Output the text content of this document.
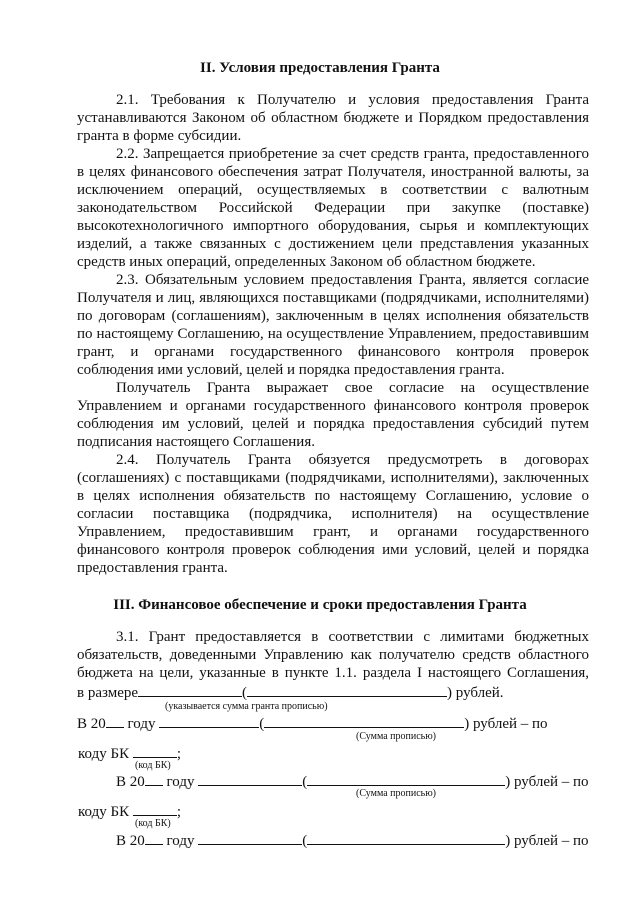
II. Условия предоставления Гранта
2.1. Требования к Получателю и условия предоставления Гранта
устанавливаются Законом об областном бюджете и Порядком предоставления
гранта в форме субсидии.
2.2. Запрещается приобретение за счет средств гранта, предоставленного
в целях финансового обеспечения затрат Получателя, иностранной валюты, за
исключением операций, осуществляемых в соответствии с валютным
законодательством Российской Федерации при закупке (поставке)
высокотехнологичного импортного оборудования, сырья и комплектующих
изделий, а также связанных с достижением цели представления указанных
средств иных операций, определенных Законом об областном бюджете.
2.3. Обязательным условием предоставления Гранта, является согласие
Получателя и лиц, являющихся поставщиками (подрядчиками, исполнителями)
по договорам (соглашениям), заключенным в целях исполнения обязательств
по настоящему Соглашению, на осуществление Управлением, предоставившим
грант, и органами государственного финансового контроля проверок
соблюдения ими условий, целей и порядка предоставления гранта.
Получатель Гранта выражает свое согласие на осуществление
Управлением и органами государственного финансового контроля проверок
соблюдения им условий, целей и порядка предоставления субсидий путем
подписания настоящего Соглашения.
2.4. Получатель Гранта обязуется предусмотреть в договорах
(соглашениях) с поставщиками (подрядчиками, исполнителями), заключенных
в целях исполнения обязательств по настоящему Соглашению, условие о
согласии поставщика (подрядчика, исполнителя) на осуществление
Управлением, предоставившим грант, и органами государственного
финансового контроля проверок соблюдения ими условий, целей и порядка
предоставления гранта.
III. Финансовое обеспечение и сроки предоставления Гранта
3.1. Грант предоставляется в соответствии с лимитами бюджетных
обязательств, доведенными Управлению как получателю средств областного
бюджета на цели, указанные в пункте 1.1. раздела I настоящего Соглашения,
в размере	(	) рублей.
(указывается сумма гранта прописью)
В 20 году	(	) рублей – по
(Сумма прописью)
коду БК	;
(код БК)
В 20 году	(	) рублей – по
(Сумма прописью)
коду БК	;
(код БК)
В 20 году	(	) рублей – по
